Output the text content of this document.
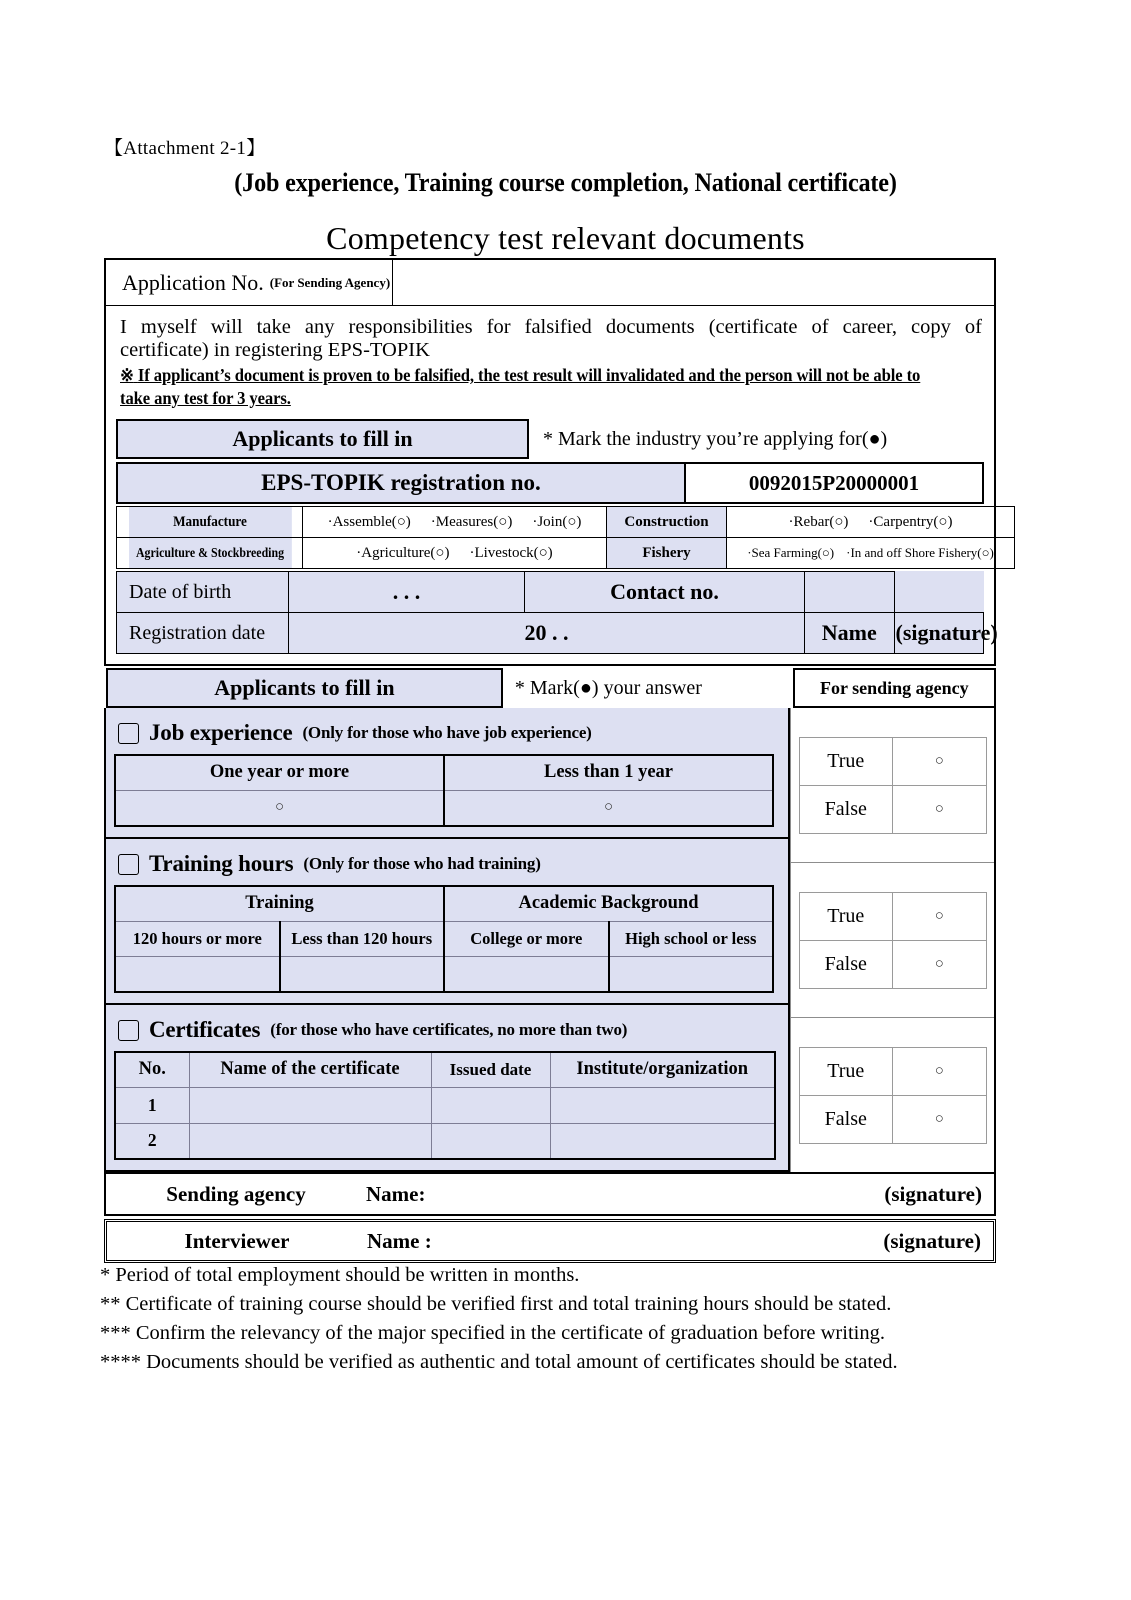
【Attachment 2-1】
(Job experience, Training course completion, National certificate)
Competency test relevant documents
Application No. (For Sending Agency)

I myself will take any responsibilities for falsified documents (certificate of career, copy of

certificate) in registering EPS-TOPIK

※ If applicant’s document is proven to be falsified, the test result will invalidated and the person will not be able to take any test for 3 years.
Applicants to fill in	* Mark the industry you’re applying for(●)
EPS-TOPIK registration no.	0092015P20000001
Manufacture	·Assemble(○) ·Measures(○) ·Join(○)	Construction	·Rebar(○) ·Carpentry(○)
Agriculture & Stockbreeding	·Agriculture(○) ·Livestock(○)	Fishery	·Sea Farming(○) ·In and off Shore Fishery(○)
Date of birth	. . .	Contact no.		
Registration date	20 . .		Name	(signature)
Applicants to fill in	* Mark(●) your answer	For sending agency
Job experience (Only for those who have job experience)
One year or more	Less than 1 year
○	○
Training hours (Only for those who had training)
Training		Academic Background	
120 hours or more	Less than 120 hours	College or more	High school or less

Certificates (for those who have certificates, no more than two)
No.	Name of the certificate	Issued date	Institute/organization
1			
2			
True	○
False	○
True	○
False	○
True	○
False	○
Sending agency	Name:	(signature)
Interviewer	Name :	(signature)
* Period of total employment should be written in months.
** Certificate of training course should be verified first and total training hours should be stated.
*** Confirm the relevancy of the major specified in the certificate of graduation before writing.
**** Documents should be verified as authentic and total amount of certificates should be stated.
